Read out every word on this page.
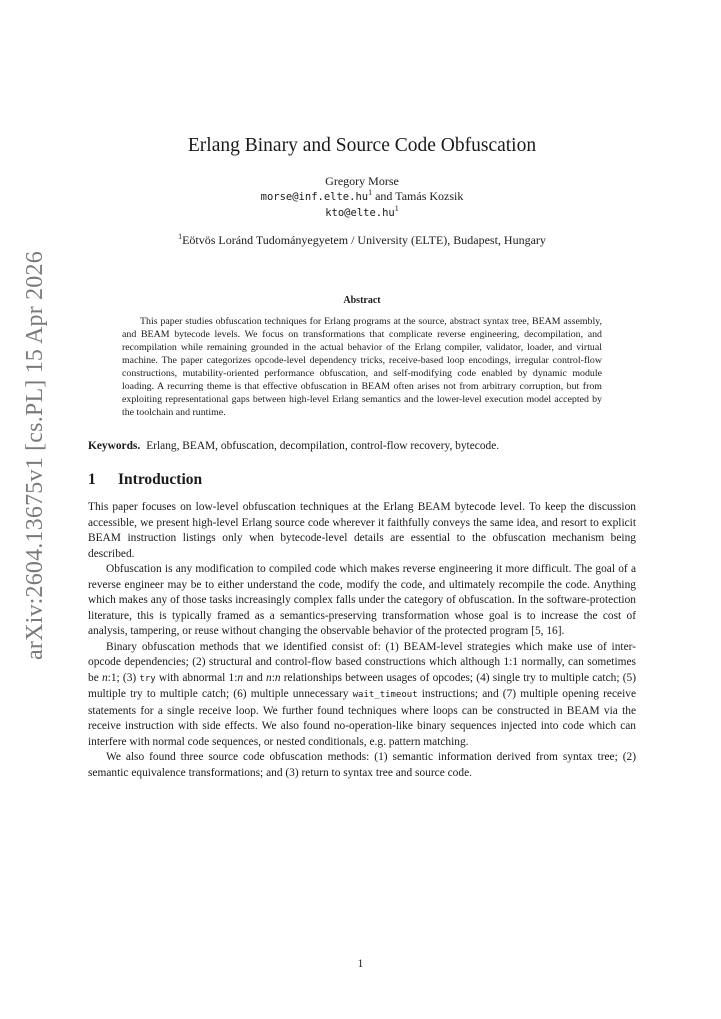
arXiv:2604.13675v1 [cs.PL] 15 Apr 2026
Erlang Binary and Source Code Obfuscation
Gregory Morse
$morse@inf.elte.hu^1$ and Tamás Kozsik
$kto@elte.hu^1$
$^1$Eötvös Loránd Tudományegyetem / University (ELTE), Budapest, Hungary
Abstract

This paper studies obfuscation techniques for Erlang programs at the source, abstract syntax tree, BEAM assembly, and BEAM bytecode levels. We focus on transformations that complicate reverse engineering, decompilation, and recompilation while remaining grounded in the actual behavior of the Erlang compiler, validator, loader, and virtual machine. The paper categorizes opcode-level dependency tricks, receive-based loop encodings, irregular control-flow constructions, mutability-oriented performance obfuscation, and self-modifying code enabled by dynamic module loading. A recurring theme is that effective obfuscation in BEAM often arises not from arbitrary corruption, but from exploiting representational gaps between high-level Erlang semantics and the lower-level execution model accepted by the toolchain and runtime.

Keywords. Erlang, BEAM, obfuscation, decompilation, control-flow recovery, bytecode.
1 Introduction

This paper focuses on low-level obfuscation techniques at the Erlang BEAM bytecode level. To keep the discussion accessible, we present high-level Erlang source code wherever it faithfully conveys the same idea, and resort to explicit BEAM instruction listings only when bytecode-level details are essential to the obfuscation mechanism being described.

Obfuscation is any modification to compiled code which makes reverse engineering it more difficult. The goal of a reverse engineer may be to either understand the code, modify the code, and ultimately recompile the code. Anything which makes any of those tasks increasingly complex falls under the category of obfuscation. In the software-protection literature, this is typically framed as a semantics-preserving transformation whose goal is to increase the cost of analysis, tampering, or reuse without changing the observable behavior of the protected program [5, 16].

Binary obfuscation methods that we identified consist of: (1) BEAM-level strategies which make use of inter-opcode dependencies; (2) structural and control-flow based constructions which although 1:1 normally, can sometimes be n:1; (3) try with abnormal 1:n and n:n relationships between usages of opcodes; (4) single try to multiple catch; (5) multiple try to multiple catch; (6) multiple unnecessary wait_timeout instructions; and (7) multiple opening receive statements for a single receive loop. We further found techniques where loops can be constructed in BEAM via the receive instruction with side effects. We also found no-operation-like binary sequences injected into code which can interfere with normal code sequences, or nested conditionals, e.g. pattern matching.

We also found three source code obfuscation methods: (1) semantic information derived from syntax tree; (2) semantic equivalence transformations; and (3) return to syntax tree and source code.

1
